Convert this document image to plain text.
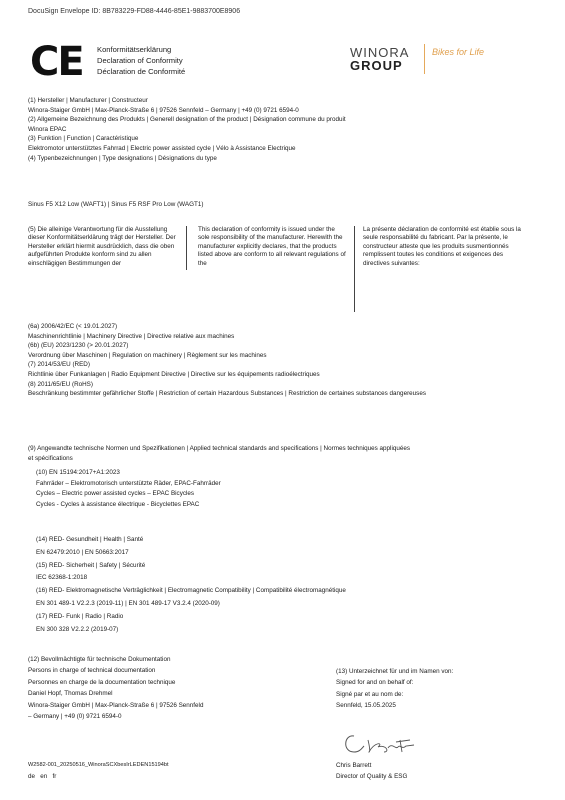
DocuSign Envelope ID: 8B783229-FD88-4446-85E1-9883700E8906
CE Konformitätserklärung
Declaration of Conformity
Déclaration de Conformité
WINORA
GROUP
Bikes for Life
(1) Hersteller | Manufacturer | Constructeur
Winora-Staiger GmbH | Max-Planck-Straße 6 | 97526 Sennfeld – Germany | +49 (0) 9721 6594-0
(2) Allgemeine Bezeichnung des Produkts | Generell designation of the product | Désignation commune du produit
Winora EPAC
(3) Funktion | Function | Caractéristique
Elektromotor unterstütztes Fahrrad | Electric power assisted cycle | Vélo à Assistance Electrique
(4) Typenbezeichnungen | Type designations | Désignations du type
Sinus F5 X12 Low (WAFT1) | Sinus F5 RSF Pro Low (WAGT1)
(5) Die alleinige Verantwortung für die Ausstellung dieser Konformitätserklärung trägt der Hersteller. Der Hersteller erklärt hiermit ausdrücklich, dass die oben aufgeführten Produkte konform sind zu allen einschlägigen Bestimmungen der
This declaration of conformity is issued under the sole responsibility of the manufacturer. Herewith the manufacturer explicitly declares, that the products listed above are conform to all relevant regulations of the
La présente déclaration de conformité est établie sous la seule responsabilité du fabricant. Par la présente, le constructeur atteste que les produits susmentionnés remplissent toutes les conditions et exigences des directives suivantes:
(6a) 2006/42/EC (< 19.01.2027)
Maschinenrichtlinie | Machinery Directive | Directive relative aux machines
(6b) (EU) 2023/1230 (> 20.01.2027)
Verordnung über Maschinen | Regulation on machinery | Règlement sur les machines
(7) 2014/53/EU (RED)
Richtlinie über Funkanlagen | Radio Equipment Directive | Directive sur les équipements radioélectriques
(8) 2011/65/EU (RoHS)
Beschränkung bestimmter gefährlicher Stoffe | Restriction of certain Hazardous Substances | Restriction de certaines substances dangereuses
(9) Angewandte technische Normen und Spezifikationen | Applied technical standards and specifications | Normes techniques appliquées
et spécifications
(10) EN 15194:2017+A1:2023
Fahrräder – Elektromotorisch unterstützte Räder, EPAC-Fahrräder
Cycles – Electric power assisted cycles – EPAC Bicycles
Cycles - Cycles à assistance électrique - Bicyclettes EPAC
(14) RED- Gesundheit | Health | Santé
EN 62479:2010 | EN 50663:2017
(15) RED- Sicherheit | Safety | Sécurité
IEC 62368-1:2018
(16) RED- Elektromagnetische Verträglichkeit | Electromagnetic Compatibility | Compatibilité électromagnétique
EN 301 489-1 V2.2.3 (2019-11) | EN 301 489-17 V3.2.4 (2020-09)
(17) RED- Funk | Radio | Radio
EN 300 328 V2.2.2 (2019-07)
(12) Bevollmächtigte für technische Dokumentation
Persons in charge of technical documentation
Personnes en charge de la documentation technique
Daniel Hopf, Thomas Drehmel
Winora-Staiger GmbH | Max-Planck-Straße 6 | 97526 Sennfeld
– Germany | +49 (0) 9721 6594-0
(13) Unterzeichnet für und im Namen von:
Signed for and on behalf of:
Signé par et au nom de:
Sennfeld, 15.05.2025
Chris Barrett
Director of Quality & ESG
W2582-001_20250516_WinoraSCXbesIrLEDEN15194bt
de   en   fr
